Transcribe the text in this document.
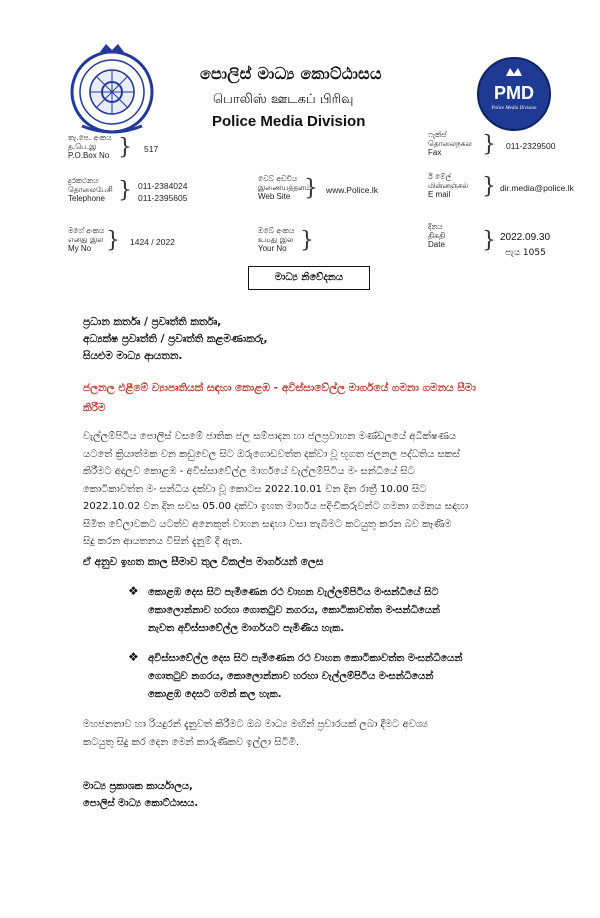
පොලිස් මාධ්‍ය කොට්ඨාසය
பொலிஸ் ஊடகப் பிரிவு
Police Media Division
PMD
Police Media Division
තැ.පෙ. අංකය
த.பெ.இ
P.O.Box No } 517
ෆැක්ස්
தொலைநகல
Fax	} 011-2329500
දුරකථනය
தொலைபேசி
Telephone } 011-2384024
011-2395605
වෙබ් අඩවිය
இணையத்தளம்
Web Site } www.Police.lk
ඊ මේල්
மின்னஞ்சல்
E mail	} dir.media@police.lk
මගේ අංකය
எனது இல
My No } 1424 / 2022
ඔබේ අංකය
உமது இல
Your No }
දිනය
திகதி
Date } 2022.09.30
පැය 1055
මාධ්‍ය නිවේදනය
ප්‍රධාන කර්තෘ / ප්‍රවෘත්ති කර්තෘ,
අධ්‍යක්ෂ ප්‍රවෘත්ති / ප්‍රවෘත්ති කළමණාකරු,
සියළුම මාධ්‍ය ආයතන.
ජලනල එළීමේ ව්‍යාපෘතියක් සඳහා කොළඹ - අවිස්සාවේල්ල මාර්ගයේ ගමනා ගමනය සීමා
කිරීම
වැල්ලම්පිටිය පොලිස් වසමේ ජාතික ජල සම්පාදන හා ජලප්‍රවාහන මණ්ඩලයේ අධීක්ෂණය
යටතේ ක්‍රියාත්මක වන කඩුවෙල සිට ඔරුගොඩවත්ත දක්වා වූ භූගත ජලනල පද්ධතිය සකස්
කිරීමට අදාලව කොළඹ - අවිස්සාවේල්ල මාර්ගයේ වැල්ලම්පිටිය මං සන්ධියේ සිට
කොටිකාවත්ත මං සන්ධිය දක්වා වූ කොටස 2022.10.01 වන දින රාත්‍රී 10.00 සිට
2022.10.02 වන දින සවස 05.00 දක්වා ඉහත මාර්ගය පදිංචිකරුවන්ට ගමනා ගමනය සඳහා
සීමිත වේලාවකට යටත්ව අනෙකුත් වාහන සඳහා වසා තැබීමට කටයුතු කරන බව කෑණිම
සිදු කරන ආයතනය විසින් දැනුම් දී ඇත.
ඒ අනුව ඉහත කාල සීමාව තුල විකල්ප මාර්ගයන් ලෙස
❖ කොළඹ දෙස සිට පැමිණෙන රථ වාහන වැල්ලම්පිටිය මංසන්ධියේ සිට
කොලොන්නාව හරහා ගොතටුව නගරය, කොටිකාවත්ත මංසන්ධියෙන්
නැවත අවිස්සාවේල්ල මාර්ගයට පැමිණිය හැක.
❖ අවිස්සාවේල්ල දෙස සිට පැමිණෙන රථ වාහන කොටිකාවත්ත මංසන්ධියෙන්
ගොතටුව නගරය, කොලොන්නාව හරහා වැල්ලම්පිටිය මංසන්ධියෙන්
කොළඹ දෙසට ගමන් කල හැක.
මහජනතාව හා රියදුරන් දැනුවත් කිරීමට ඔබ මාධ්‍ය මඟින් ප්‍රචාරයක් ලබා දීමට අවශ්‍ය
කටයුතු සිදු කර දෙන මෙන් කාරුණිකව ඉල්ලා සිටිමි.
මාධ්‍ය ප්‍රකාශක කාර්යාලය,
පොලිස් මාධ්‍ය කොට්ඨාසය.
